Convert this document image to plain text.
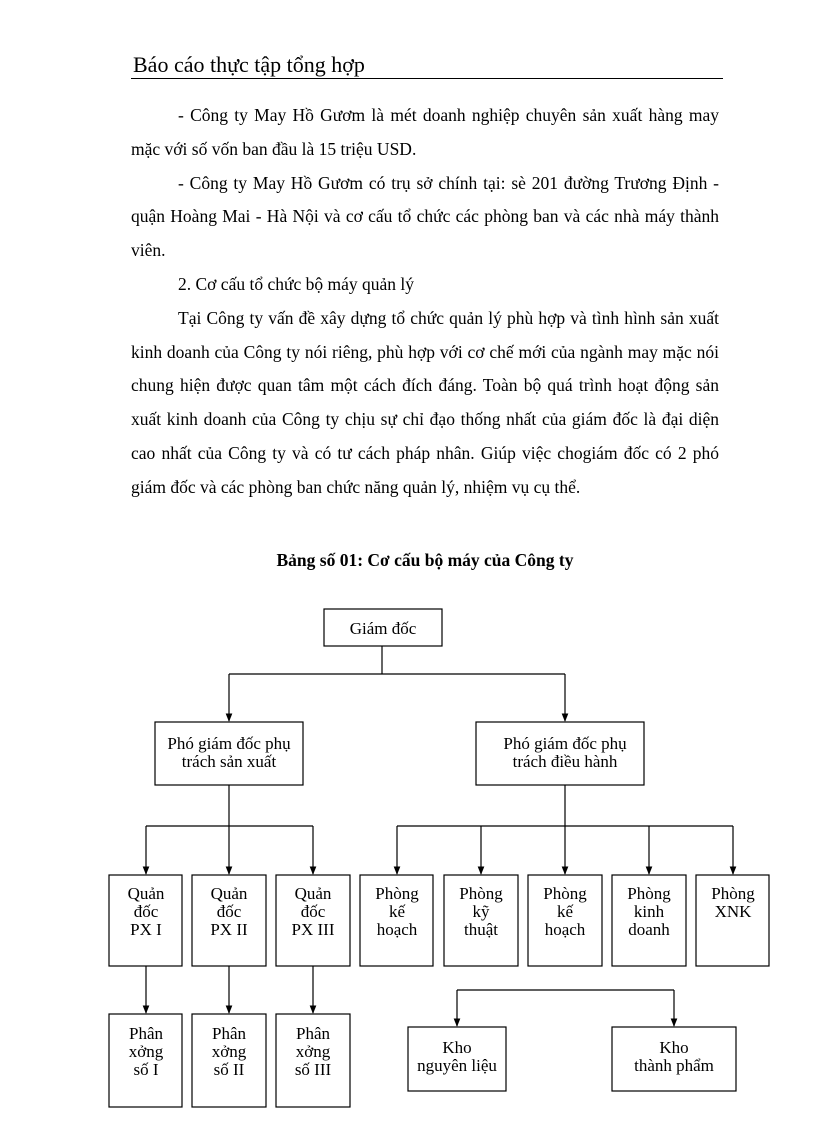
Báo cáo thực tập tổng hợp

- Công ty May Hồ Gươm là mét doanh nghiệp chuyên sản xuất hàng may mặc với số vốn ban đầu là 15 triệu USD.

- Công ty May Hồ Gươm có trụ sở chính tại: sè 201 đường Trương Định - quận Hoàng Mai - Hà Nội và cơ cấu tổ chức các phòng ban và các nhà máy thành viên.

2. Cơ cấu tổ chức bộ máy quản lý

Tại Công ty vấn đề xây dựng tổ chức quản lý phù hợp và tình hình sản xuất kinh doanh của Công ty nói riêng, phù hợp với cơ chế mới của ngành may mặc nói chung hiện được quan tâm một cách đích đáng. Toàn bộ quá trình hoạt động sản xuất kinh doanh của Công ty chịu sự chỉ đạo thống nhất của giám đốc là đại diện cao nhất của Công ty và có tư cách pháp nhân. Giúp việc chogiám đốc có 2 phó giám đốc và các phòng ban chức năng quản lý, nhiệm vụ cụ thể.

Bảng số 01: Cơ cấu bộ máy của Công ty
Giám đốc
Phó giám đốc phụ
trách sản xuất
Phó giám đốc phụ
trách điều hành
Quản
đốc
PX I
Quản
đốc
PX II
Quản
đốc
PX III
Phòng
kế
hoạch
Phòng
kỹ
thuật
Phòng
kế
hoạch
Phòng
kinh
doanh
Phòng
XNK
Phân
xởng
số I
Phân
xởng
số II
Phân
xởng
số III
Kho
nguyên liệu
Kho
thành phẩm
